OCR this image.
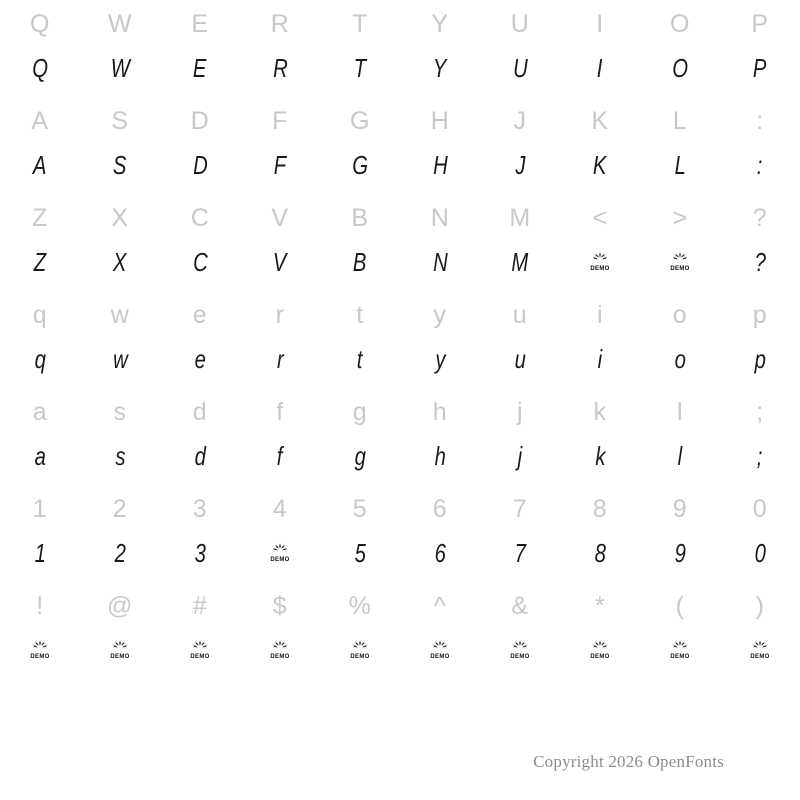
Q
Q
W
W
E
E
R
R
T
T
Y
Y
U
U
I
I
O
O
P
P
A
A
S
S
D
D
F
F
G
G
H
H
J
J
K
K
L
L
:
:
Z
Z
X
X
C
C
V
V
B
B
N
N
M
M
<
DEMO
>
DEMO
?
?
q
q
w
w
e
e
r
r
t
t
y
y
u
u
i
i
o
o
p
p
a
a
s
s
d
d
f
f
g
g
h
h
j
j
k
k
l
l
;
;
1
1
2
2
3
3
4
DEMO
5
5
6
6
7
7
8
8
9
9
0
0
!
DEMO
@
DEMO
#
DEMO
$
DEMO
%
DEMO
^
DEMO
&
DEMO
*
DEMO
(
DEMO
)
DEMO
Copyright 2026 OpenFonts
